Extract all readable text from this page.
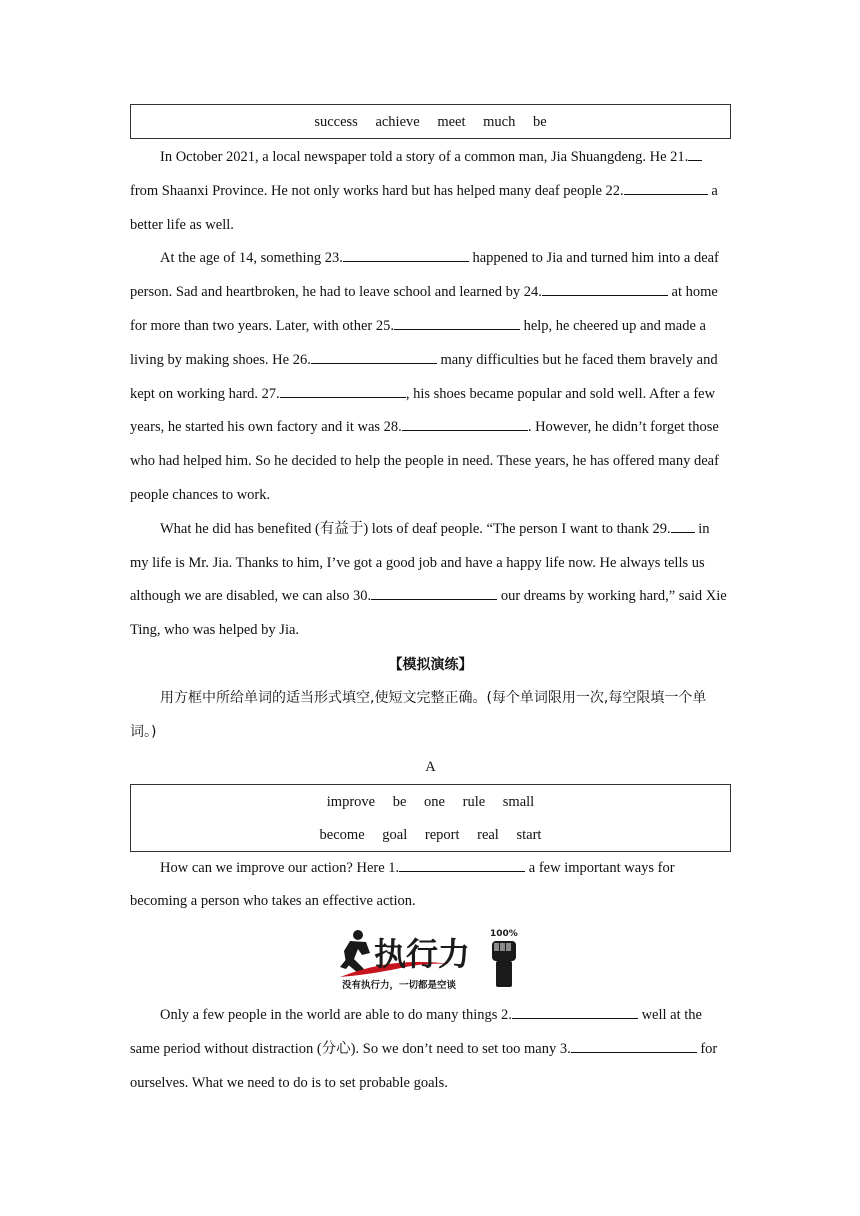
success achieve meet much be

In October 2021, a local newspaper told a story of a common man, Jia Shuangdeng. He 21. from Shaanxi Province. He not only works hard but has helped many deaf people 22.	a better life as well.

At the age of 14, something 23.	happened to Jia and turned him into a deaf person. Sad and heartbroken, he had to leave school and learned by 24.	at home for more than two years. Later, with other 25.	help, he cheered up and made a living by making shoes. He 26.	many difficulties but he faced them bravely and kept on working hard. 27.	, his shoes became popular and sold well. After a few years, he started his own factory and it was 28.	. However, he didn’t forget those who had helped him. So he decided to help the people in need. These years, he has offered many deaf people chances to work.

What he did has benefited (有益于) lots of deaf people. “The person I want to thank 29. in my life is Mr. Jia. Thanks to him, I’ve got a good job and have a happy life now. He always tells us although we are disabled, we can also 30.	our dreams by working hard,” said Xie Ting, who was helped by Jia.

【模拟演练】

用方框中所给单词的适当形式填空,使短文完整正确。(每个单词限用一次,每空限填一个单词。)

A
improve be one rule small
become goal report real start

How can we improve our action? Here 1.	a few important ways for becoming a person who takes an effective action.

执行力
100%
没有执行力，一切都是空谈

Only a few people in the world are able to do many things 2.	well at the same period without distraction (分心). So we don’t need to set too many 3.	for ourselves. What we need to do is to set probable goals.
